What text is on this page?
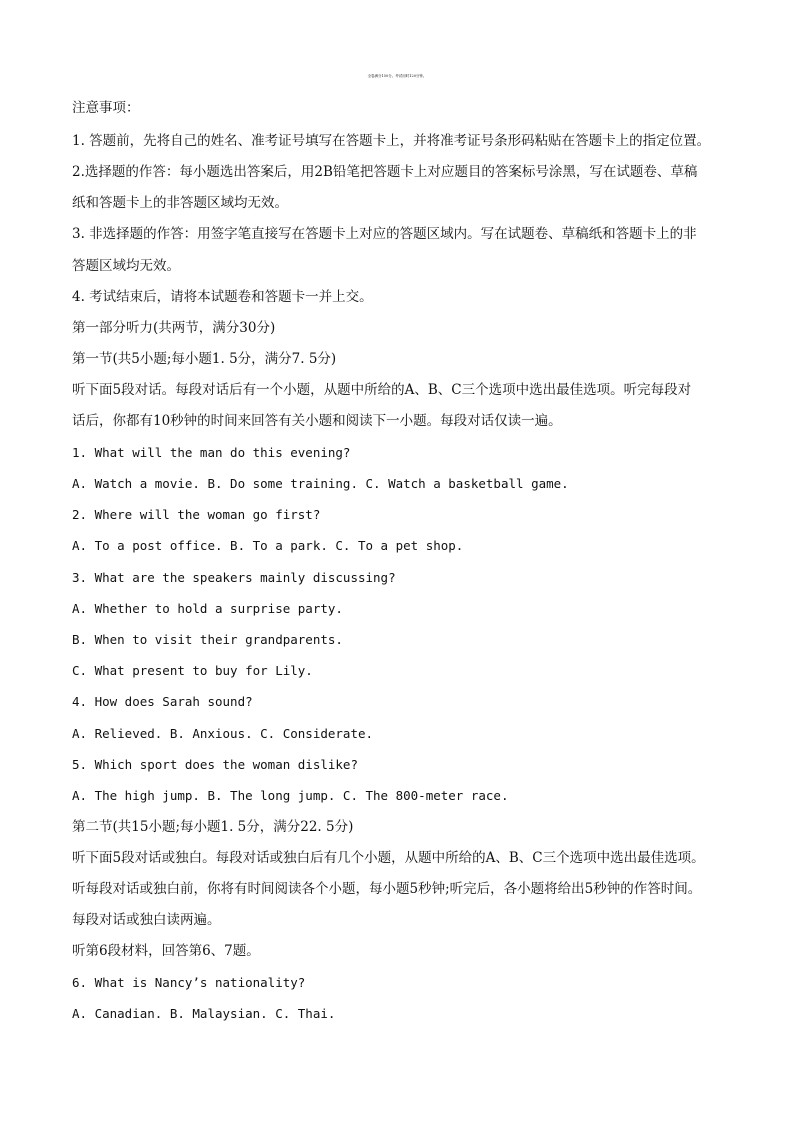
全卷满分150分。考试用时120分钟。
注意事项：
1. 答题前，先将自己的姓名、准考证号填写在答题卡上，并将准考证号条形码粘贴在答题卡上的指定位置。
2.选择题的作答：每小题选出答案后，用2B铅笔把答题卡上对应题目的答案标号涂黑，写在试题卷、草稿
纸和答题卡上的非答题区域均无效。
3. 非选择题的作答：用签字笔直接写在答题卡上对应的答题区域内。写在试题卷、草稿纸和答题卡上的非
答题区域均无效。
4. 考试结束后，请将本试题卷和答题卡一并上交。
第一部分听力(共两节，满分30分)
第一节(共5小题;每小题1. 5分，满分7. 5分)
听下面5段对话。每段对话后有一个小题，从题中所给的A、B、C三个选项中选出最佳选项。听完每段对
话后，你都有10秒钟的时间来回答有关小题和阅读下一小题。每段对话仅读一遍。
1. What will the man do this evening?
A. Watch a movie. B. Do some training. C. Watch a basketball game.
2. Where will the woman go first?
A. To a post office. B. To a park. C. To a pet shop.
3. What are the speakers mainly discussing?
A. Whether to hold a surprise party.
B. When to visit their grandparents.
C. What present to buy for Lily.
4. How does Sarah sound?
A. Relieved. B. Anxious. C. Considerate.
5. Which sport does the woman dislike?
A. The high jump. B. The long jump. C. The 800-meter race.
第二节(共15小题;每小题1. 5分，满分22. 5分)
听下面5段对话或独白。每段对话或独白后有几个小题，从题中所给的A、B、C三个选项中选出最佳选项。
听每段对话或独白前，你将有时间阅读各个小题，每小题5秒钟;听完后，各小题将给出5秒钟的作答时间。
每段对话或独白读两遍。
听第6段材料，回答第6、7题。
6. What is Nancy’s nationality?
A. Canadian. B. Malaysian. C. Thai.
